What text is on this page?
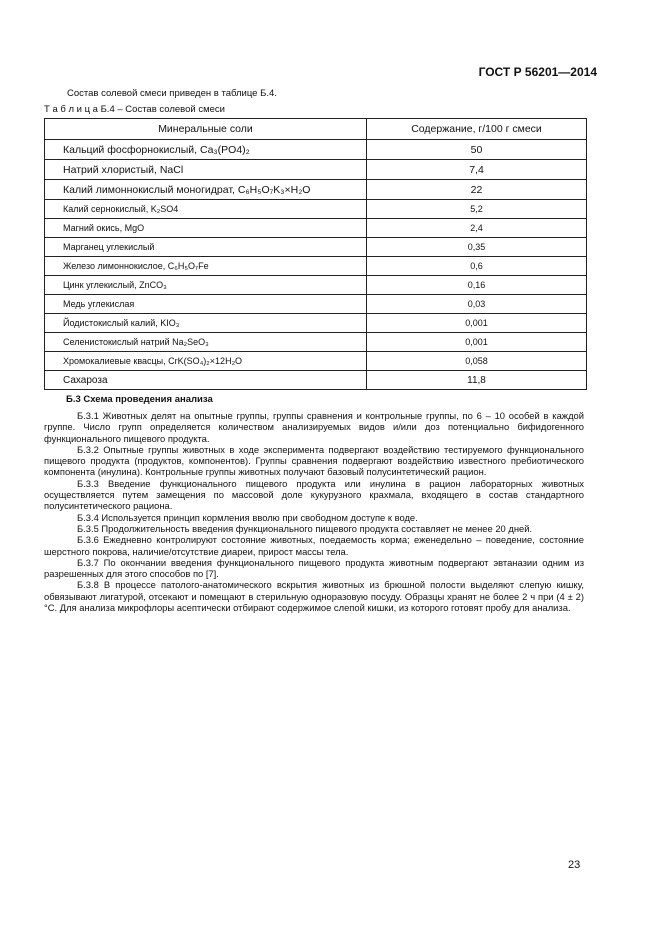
ГОСТ Р 56201—2014
Состав солевой смеси приведен в таблице Б.4.
Т а б л и ц а Б.4 – Состав солевой смеси
Минеральные соли	Содержание, г/100 г смеси
Кальций фосфорнокислый, Ca₃(PO4)₂	50
Натрий хлористый, NaCl	7,4
Калий лимоннокислый моногидрат, C₆H₅O₇K₃×H₂O	22
Калий сернокислый, K₂SO4	5,2
Магний окись, MgO	2,4
Марганец углекислый	0,35
Железо лимоннокислое, C₆H₅O₇Fe	0,6
Цинк углекислый, ZnCO₃	0,16
Медь углекислая	0,03
Йодистокислый калий, KIO₃	0,001
Селенистокислый натрий Na₂SeO₃	0,001
Хромокалиевые квасцы, CrK(SO₄)₂×12H₂O	0,058
Сахароза	11,8
Б.3 Схема проведения анализа

Б.3.1 Животных делят на опытные группы, группы сравнения и контрольные группы, по 6 – 10 особей в каждой группе. Число групп определяется количеством анализируемых видов и/или доз потенциально бифидогенного функционального пищевого продукта.

Б.3.2 Опытные группы животных в ходе эксперимента подвергают воздействию тестируемого функционального пищевого продукта (продуктов, компонентов). Группы сравнения подвергают воздействию известного пребиотического компонента (инулина). Контрольные группы животных получают базовый полусинтетический рацион.

Б.3.3 Введение функционального пищевого продукта или инулина в рацион лабораторных животных осуществляется путем замещения по массовой доле кукурузного крахмала, входящего в состав стандартного полусинтетического рациона.

Б.3.4 Используется принцип кормления вволю при свободном доступе к воде.

Б.3.5 Продолжительность введения функционального пищевого продукта составляет не менее 20 дней.

Б.3.6 Ежедневно контролируют состояние животных, поедаемость корма; еженедельно – поведение, состояние шерстного покрова, наличие/отсутствие диареи, прирост массы тела.

Б.3.7 По окончании введения функционального пищевого продукта животным подвергают эвтаназии одним из разрешенных для этого способов по [7].

Б.3.8 В процессе патолого-анатомического вскрытия животных из брюшной полости выделяют слепую кишку, обвязывают лигатурой, отсекают и помещают в стерильную одноразовую посуду. Образцы хранят не более 2 ч при (4 ± 2) °С. Для анализа микрофлоры асептически отбирают содержимое слепой кишки, из которого готовят пробу для анализа.

23
